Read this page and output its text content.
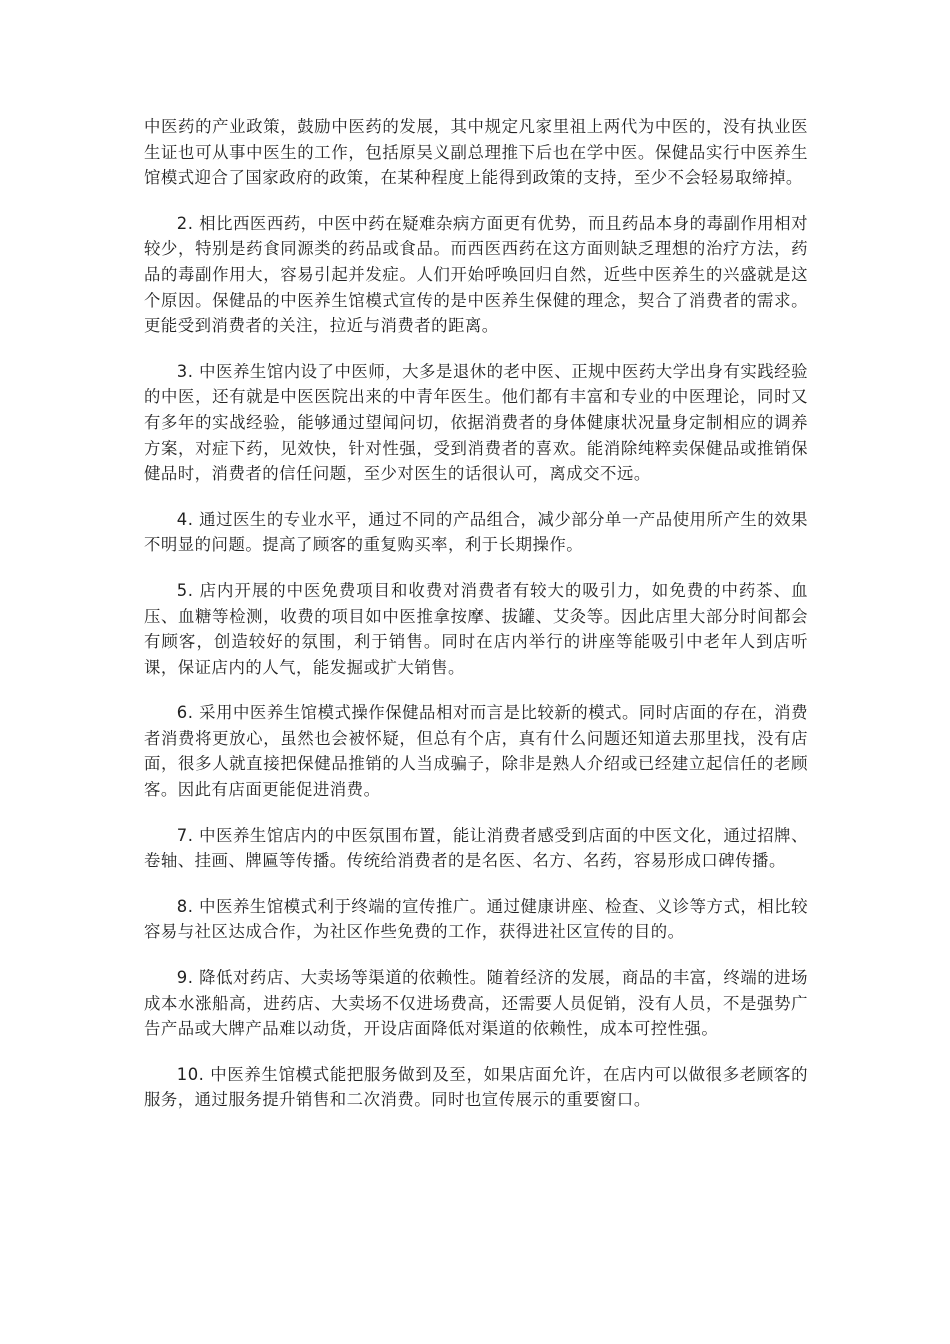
中医药的产业政策，鼓励中医药的发展，其中规定凡家里祖上两代为中医的，没有执业医生证也可从事中医生的工作，包括原吴义副总理推下后也在学中医。保健品实行中医养生馆模式迎合了国家政府的政策，在某种程度上能得到政策的支持，至少不会轻易取缔掉。

2. 相比西医西药，中医中药在疑难杂病方面更有优势，而且药品本身的毒副作用相对较少，特别是药食同源类的药品或食品。而西医西药在这方面则缺乏理想的治疗方法，药品的毒副作用大，容易引起并发症。人们开始呼唤回归自然，近些中医养生的兴盛就是这个原因。保健品的中医养生馆模式宣传的是中医养生保健的理念，契合了消费者的需求。更能受到消费者的关注，拉近与消费者的距离。

3. 中医养生馆内设了中医师，大多是退休的老中医、正规中医药大学出身有实践经验的中医，还有就是中医医院出来的中青年医生。他们都有丰富和专业的中医理论，同时又有多年的实战经验，能够通过望闻问切，依据消费者的身体健康状况量身定制相应的调养方案，对症下药，见效快，针对性强，受到消费者的喜欢。能消除纯粹卖保健品或推销保健品时，消费者的信任问题，至少对医生的话很认可，离成交不远。

4. 通过医生的专业水平，通过不同的产品组合，减少部分单一产品使用所产生的效果不明显的问题。提高了顾客的重复购买率，利于长期操作。

5. 店内开展的中医免费项目和收费对消费者有较大的吸引力，如免费的中药茶、血压、血糖等检测，收费的项目如中医推拿按摩、拔罐、艾灸等。因此店里大部分时间都会有顾客，创造较好的氛围，利于销售。同时在店内举行的讲座等能吸引中老年人到店听课，保证店内的人气，能发掘或扩大销售。

6. 采用中医养生馆模式操作保健品相对而言是比较新的模式。同时店面的存在，消费者消费将更放心，虽然也会被怀疑，但总有个店，真有什么问题还知道去那里找，没有店面，很多人就直接把保健品推销的人当成骗子，除非是熟人介绍或已经建立起信任的老顾客。因此有店面更能促进消费。

7. 中医养生馆店内的中医氛围布置，能让消费者感受到店面的中医文化，通过招牌、卷轴、挂画、牌匾等传播。传统给消费者的是名医、名方、名药，容易形成口碑传播。

8. 中医养生馆模式利于终端的宣传推广。通过健康讲座、检查、义诊等方式，相比较容易与社区达成合作，为社区作些免费的工作，获得进社区宣传的目的。

9. 降低对药店、大卖场等渠道的依赖性。随着经济的发展，商品的丰富，终端的进场成本水涨船高，进药店、大卖场不仅进场费高，还需要人员促销，没有人员，不是强势广告产品或大牌产品难以动货，开设店面降低对渠道的依赖性，成本可控性强。

10. 中医养生馆模式能把服务做到及至，如果店面允许，在店内可以做很多老顾客的服务，通过服务提升销售和二次消费。同时也宣传展示的重要窗口。
